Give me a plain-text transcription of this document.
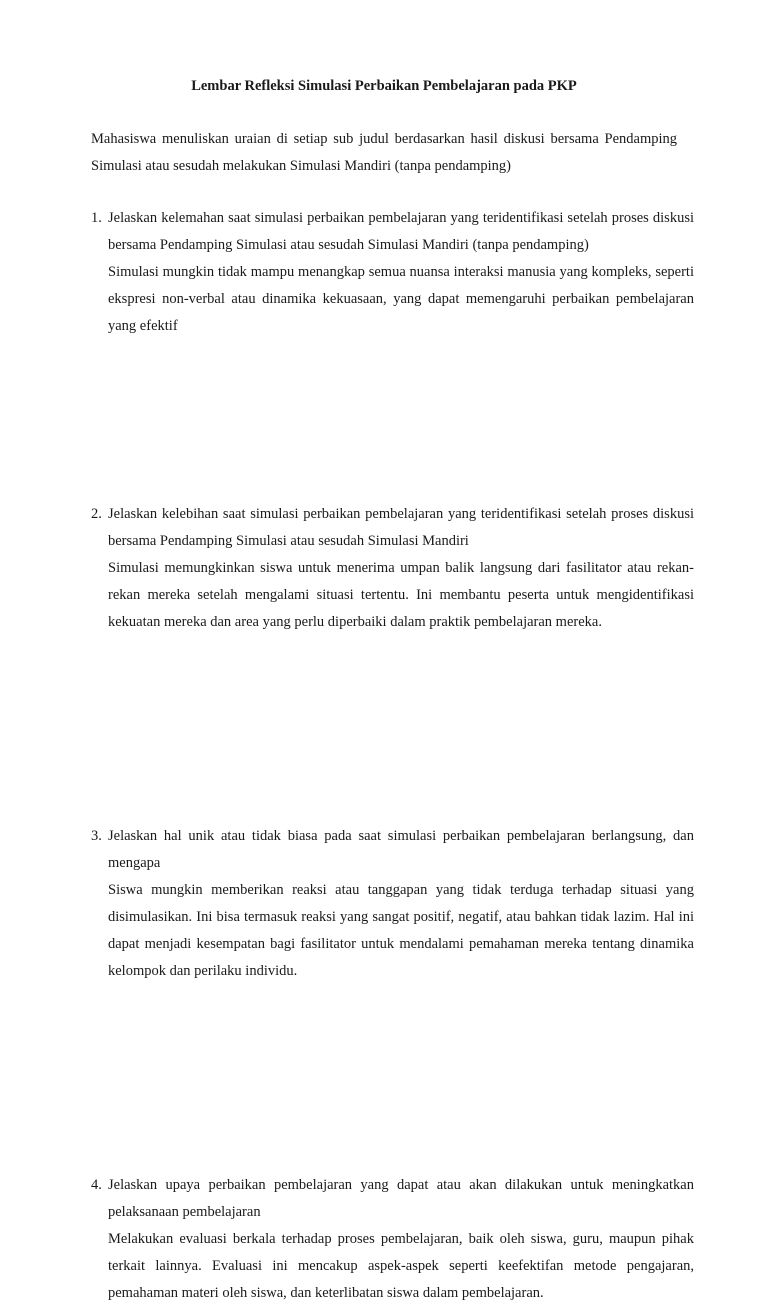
Lembar Refleksi Simulasi Perbaikan Pembelajaran pada PKP
Mahasiswa menuliskan uraian di setiap sub judul berdasarkan hasil diskusi bersama Pendamping Simulasi atau sesudah melakukan Simulasi Mandiri (tanpa pendamping)
1. Jelaskan kelemahan saat simulasi perbaikan pembelajaran yang teridentifikasi setelah proses diskusi bersama Pendamping Simulasi atau sesudah Simulasi Mandiri (tanpa pendamping)
Simulasi mungkin tidak mampu menangkap semua nuansa interaksi manusia yang kompleks, seperti ekspresi non-verbal atau dinamika kekuasaan, yang dapat memengaruhi perbaikan pembelajaran yang efektif
2. Jelaskan kelebihan saat simulasi perbaikan pembelajaran yang teridentifikasi setelah proses diskusi bersama Pendamping Simulasi atau sesudah Simulasi Mandiri
Simulasi memungkinkan siswa untuk menerima umpan balik langsung dari fasilitator atau rekan-rekan mereka setelah mengalami situasi tertentu. Ini membantu peserta untuk mengidentifikasi kekuatan mereka dan area yang perlu diperbaiki dalam praktik pembelajaran mereka.
3. Jelaskan hal unik atau tidak biasa pada saat simulasi perbaikan pembelajaran berlangsung, dan mengapa
Siswa mungkin memberikan reaksi atau tanggapan yang tidak terduga terhadap situasi yang disimulasikan. Ini bisa termasuk reaksi yang sangat positif, negatif, atau bahkan tidak lazim. Hal ini dapat menjadi kesempatan bagi fasilitator untuk mendalami pemahaman mereka tentang dinamika kelompok dan perilaku individu.
4. Jelaskan upaya perbaikan pembelajaran yang dapat atau akan dilakukan untuk meningkatkan pelaksanaan pembelajaran
Melakukan evaluasi berkala terhadap proses pembelajaran, baik oleh siswa, guru, maupun pihak terkait lainnya. Evaluasi ini mencakup aspek-aspek seperti keefektifan metode pengajaran, pemahaman materi oleh siswa, dan keterlibatan siswa dalam pembelajaran.
